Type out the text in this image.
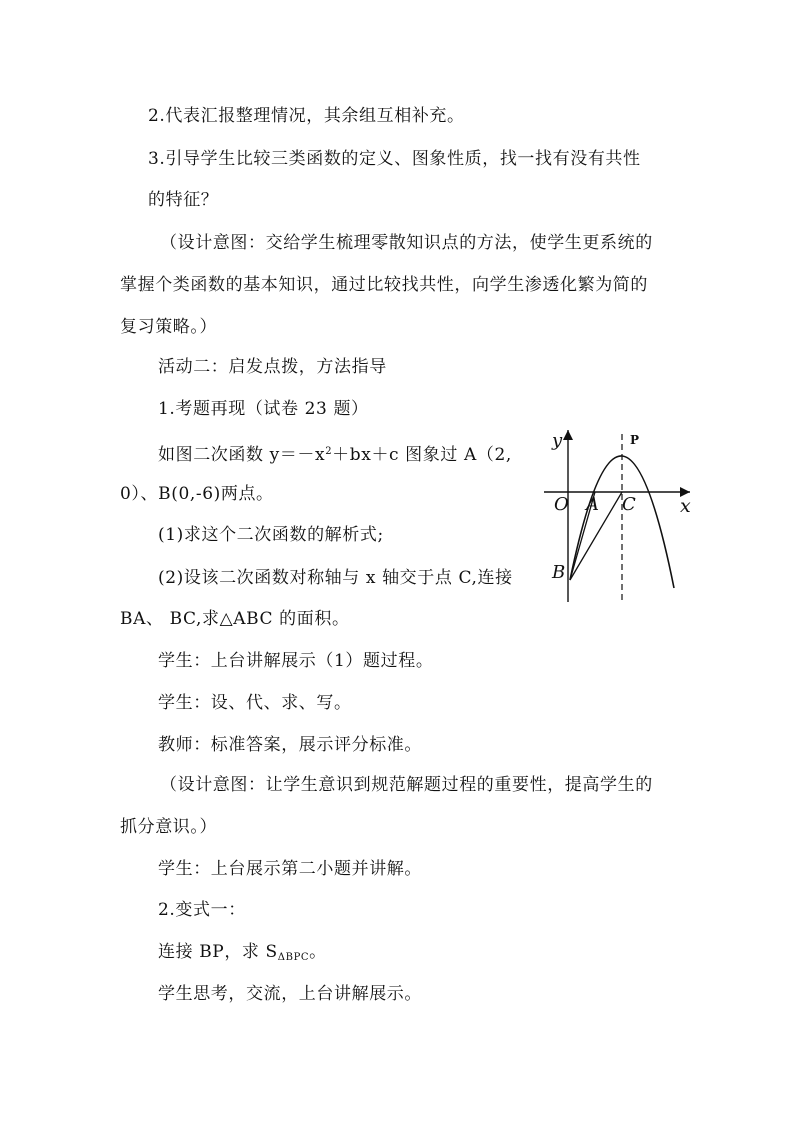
2.代表汇报整理情况，其余组互相补充。
3.引导学生比较三类函数的定义、图象性质，找一找有没有共性
的特征？
（设计意图：交给学生梳理零散知识点的方法，使学生更系统的
掌握个类函数的基本知识，通过比较找共性，向学生渗透化繁为简的
复习策略。）
活动二：启发点拨，方法指导
1.考题再现（试卷 23 题）
如图二次函数 $y=-x^2+bx+c$ 图象过 A（2,
0）、B(0,-6)两点。
(1)求这个二次函数的解析式;
(2)设该二次函数对称轴与 x 轴交于点 C,连接
BA、 BC,求△ABC 的面积。
学生：上台讲解展示（1）题过程。
学生：设、代、求、写。
教师：标准答案，展示评分标准。
（设计意图：让学生意识到规范解题过程的重要性，提高学生的
抓分意识。）
学生：上台展示第二小题并讲解。
2.变式一：
连接 BP，求 $S_{\Delta BPC}$。
学生思考，交流，上台讲解展示。
y
x
O A C
B
P
